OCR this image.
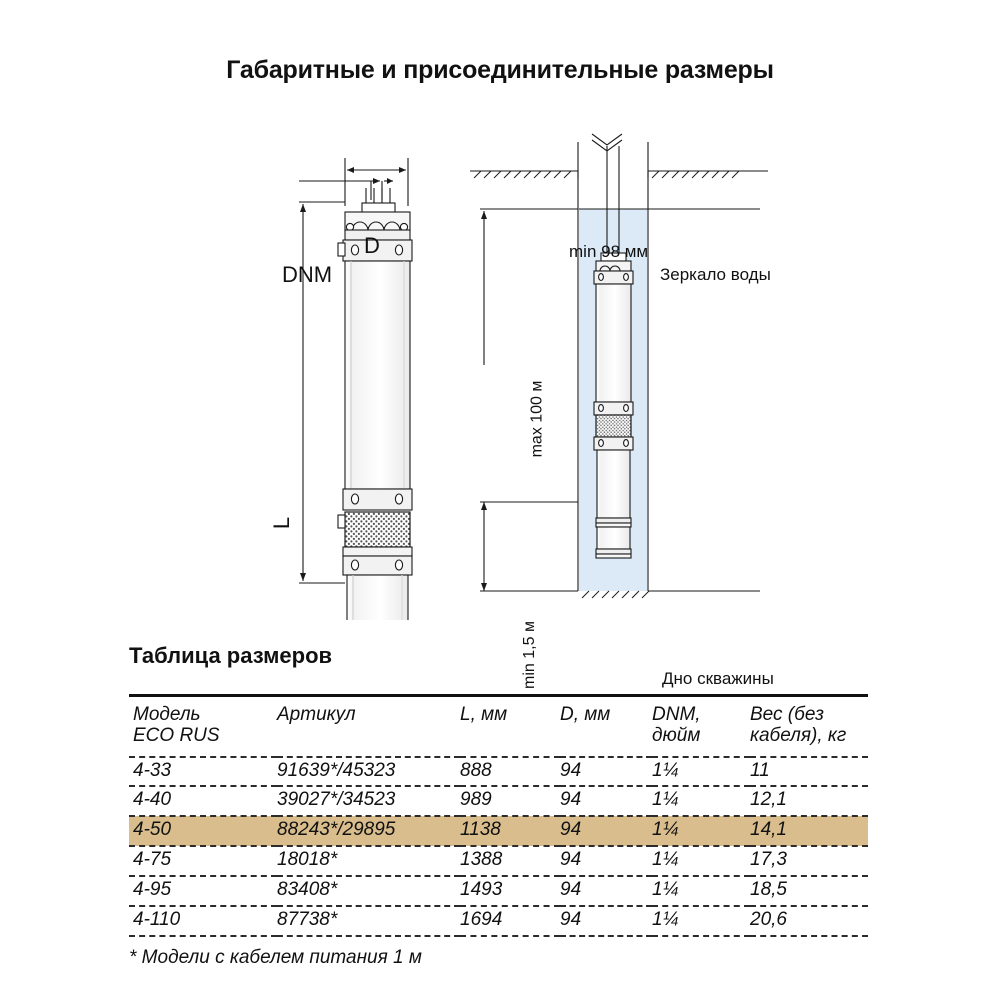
Габаритные и присоединительные размеры
DNM
D
L
min 98 мм
Зеркало воды
max 100 м
min 1,5 м	Дно скважины
Таблица размеров
Модель
ECO RUS	Артикул	L, мм	D, мм	DNM,
дюйм	Вес (без
кабеля), кг
4-33	91639*/45323	888	94	1¼	11
4-40	39027*/34523	989	94	1¼	12,1
4-50	88243*/29895	1138	94	1¼	14,1
4-75	18018*	1388	94	1¼	17,3
4-95	83408*	1493	94	1¼	18,5
4-110	87738*	1694	94	1¼	20,6
* Модели с кабелем питания 1 м
